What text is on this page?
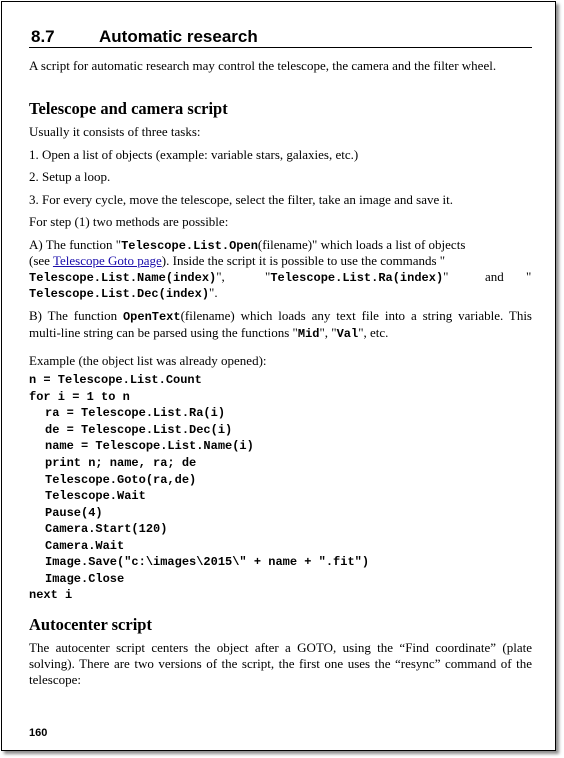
8.7	Automatic research

A script for automatic research may control the telescope, the camera and the filter wheel.

Telescope and camera script

Usually it consists of three tasks:

1. Open a list of objects (example: variable stars, galaxies, etc.)

2. Setup a loop.

3. For every cycle, move the telescope, select the filter, take an image and save it.

For step (1) two methods are possible:

A) The function "Telescope.List.Open(filename)" which loads a list of objects
(see Telescope Goto page). Inside the script it is possible to use the commands "
Telescope.List.Name(index)",	"Telescope.List.Ra(index)"	and "
Telescope.List.Dec(index)".

B) The function OpenText(filename) which loads any text file into a string variable. This multi-line string can be parsed using the functions "Mid", "Val", etc.

Example (the object list was already opened):

n = Telescope.List.Count
for i = 1 to n
ra = Telescope.List.Ra(i)
de = Telescope.List.Dec(i)
name = Telescope.List.Name(i)
print n; name, ra; de
Telescope.Goto(ra,de)
Telescope.Wait
Pause(4)
Camera.Start(120)
Camera.Wait
Image.Save("c:\images\2015\" + name + ".fit")
Image.Close
next i
Autocenter script

The autocenter script centers the object after a GOTO, using the “Find coordinate” (plate solving). There are two versions of the script, the first one uses the “resync” command of the telescope:

160
